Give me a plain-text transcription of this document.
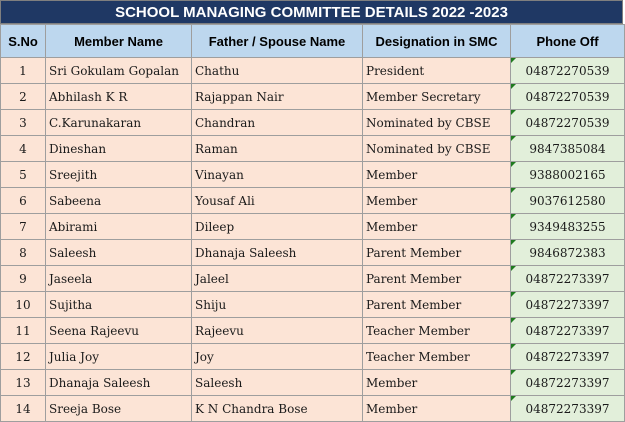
SCHOOL MANAGING COMMITTEE DETAILS 2022 -2023
S.No	Member Name	Father / Spouse Name	Designation in SMC	Phone Off
1	Sri Gokulam Gopalan	Chathu	President	04872270539
2	Abhilash K R	Rajappan Nair	Member Secretary	04872270539
3	C.Karunakaran	Chandran	Nominated by CBSE	04872270539
4	Dineshan	Raman	Nominated by CBSE	9847385084
5	Sreejith	Vinayan	Member	9388002165
6	Sabeena	Yousaf Ali	Member	9037612580
7	Abirami	Dileep	Member	9349483255
8	Saleesh	Dhanaja Saleesh	Parent Member	9846872383
9	Jaseela	Jaleel	Parent Member	04872273397
10	Sujitha	Shiju	Parent Member	04872273397
11	Seena Rajeevu	Rajeevu	Teacher Member	04872273397
12	Julia Joy	Joy	Teacher Member	04872273397
13	Dhanaja Saleesh	Saleesh	Member	04872273397
14	Sreeja Bose	K N Chandra Bose	Member	04872273397
